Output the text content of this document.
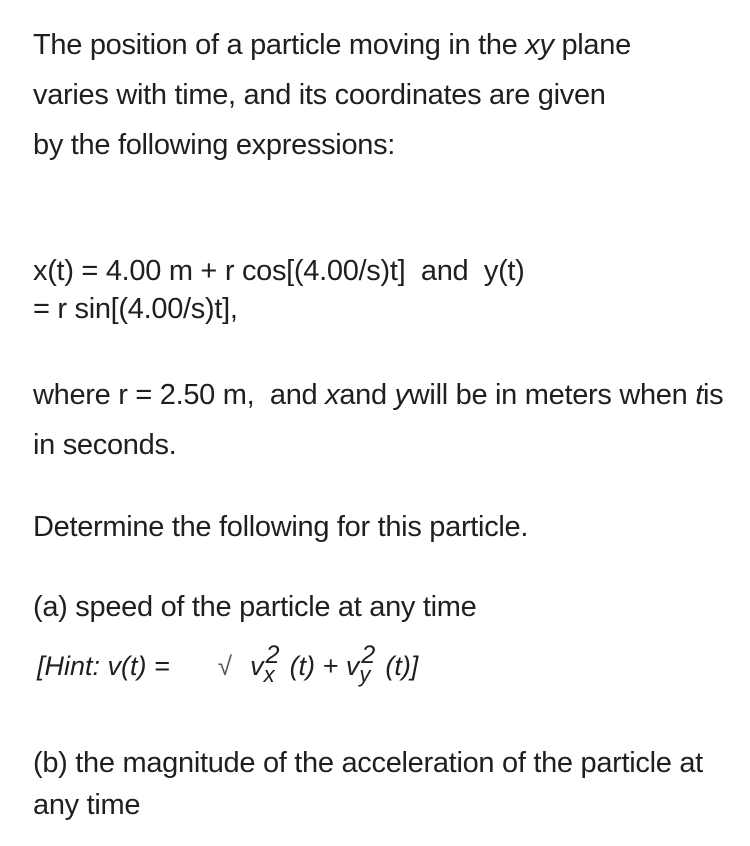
The position of a particle moving in the xy plane varies with time, and its coordinates are given by the following expressions:
x(t) = 4.00 m + r cos[(4.00/s)t]  and  y(t)
= r sin[(4.00/s)t],
where r = 2.50 m,  and xand ywill be in meters when tis in seconds.
Determine the following for this particle.
(a) speed of the particle at any time
[Hint: v(t) = √ v 2
x (t) + v 2
y (t)]
(b) the magnitude of the acceleration of the particle at any time
